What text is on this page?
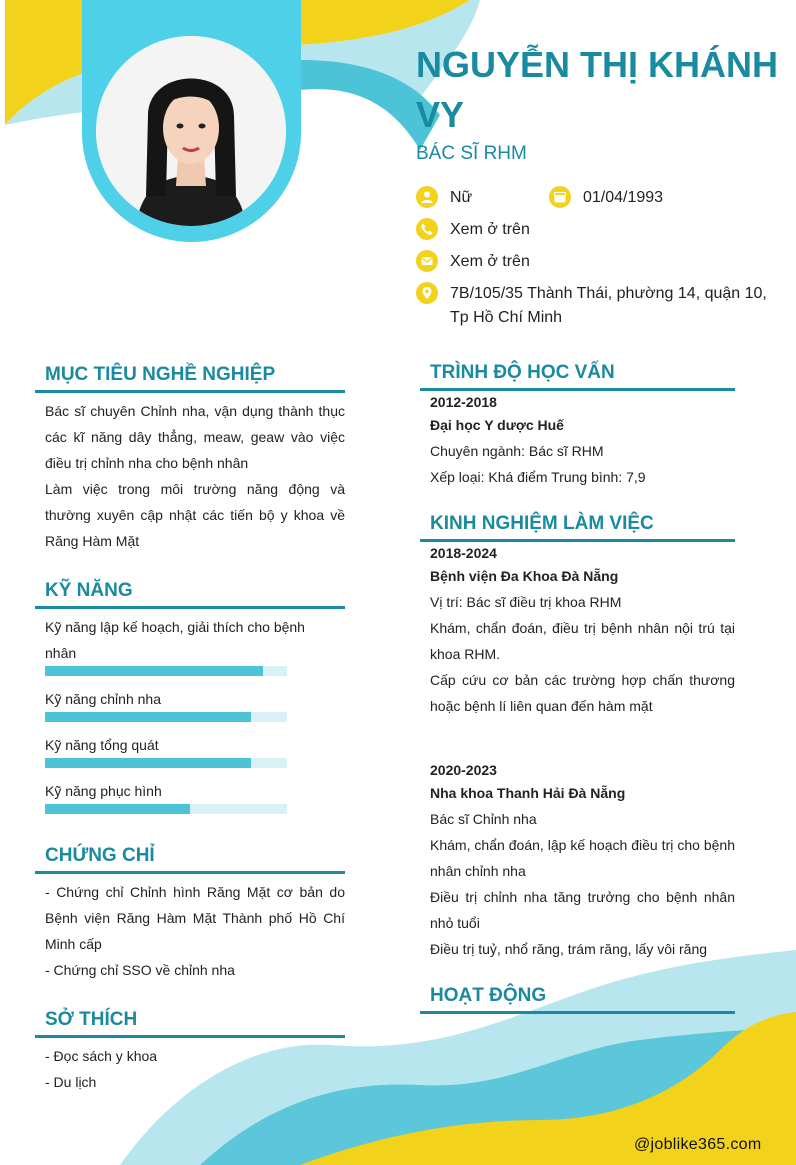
NGUYỄN THỊ KHÁNH VY
BÁC SĨ RHM
Nữ	01/04/1993
Xem ở trên
Xem ở trên
7B/105/35 Thành Thái, phường 14, quận 10, Tp Hồ Chí Minh
MỤC TIÊU NGHỀ NGHIỆP

Bác sĩ chuyên Chỉnh nha, vận dụng thành thục các kĩ năng dây thẳng, meaw, geaw vào việc điều trị chỉnh nha cho bệnh nhân

Làm việc trong môi trường năng động và thường xuyên cập nhật các tiến bộ y khoa về Răng Hàm Mặt

KỸ NĂNG
Kỹ năng lập kế hoạch, giải thích cho bệnh nhân
Kỹ năng chỉnh nha
Kỹ năng tổng quát
Kỹ năng phục hình
CHỨNG CHỈ

- Chứng chỉ Chỉnh hình Răng Mặt cơ bản do Bệnh viện Răng Hàm Mặt Thành phố Hồ Chí Minh cấp

- Chứng chỉ SSO về chỉnh nha

SỞ THÍCH

- Đọc sách y khoa

- Du lịch

TRÌNH ĐỘ HỌC VẤN

2012-2018

Đại học Y dược Huế

Chuyên ngành: Bác sĩ RHM

Xếp loại: Khá điểm Trung bình: 7,9

KINH NGHIỆM LÀM VIỆC

2018-2024

Bệnh viện Đa Khoa Đà Nẵng

Vị trí: Bác sĩ điều trị khoa RHM

Khám, chẩn đoán, điều trị bệnh nhân nội trú tại khoa RHM.

Cấp cứu cơ bản các trường hợp chấn thương hoặc bệnh lí liên quan đến hàm mặt

2020-2023

Nha khoa Thanh Hải Đà Nẵng

Bác sĩ Chỉnh nha

Khám, chẩn đoán, lập kế hoạch điều trị cho bệnh nhân chỉnh nha

Điều trị chỉnh nha tăng trưởng cho bệnh nhân nhỏ tuổi

Điều trị tuỷ, nhổ răng, trám răng, lấy vôi răng

HOẠT ĐỘNG
@joblike365.com
